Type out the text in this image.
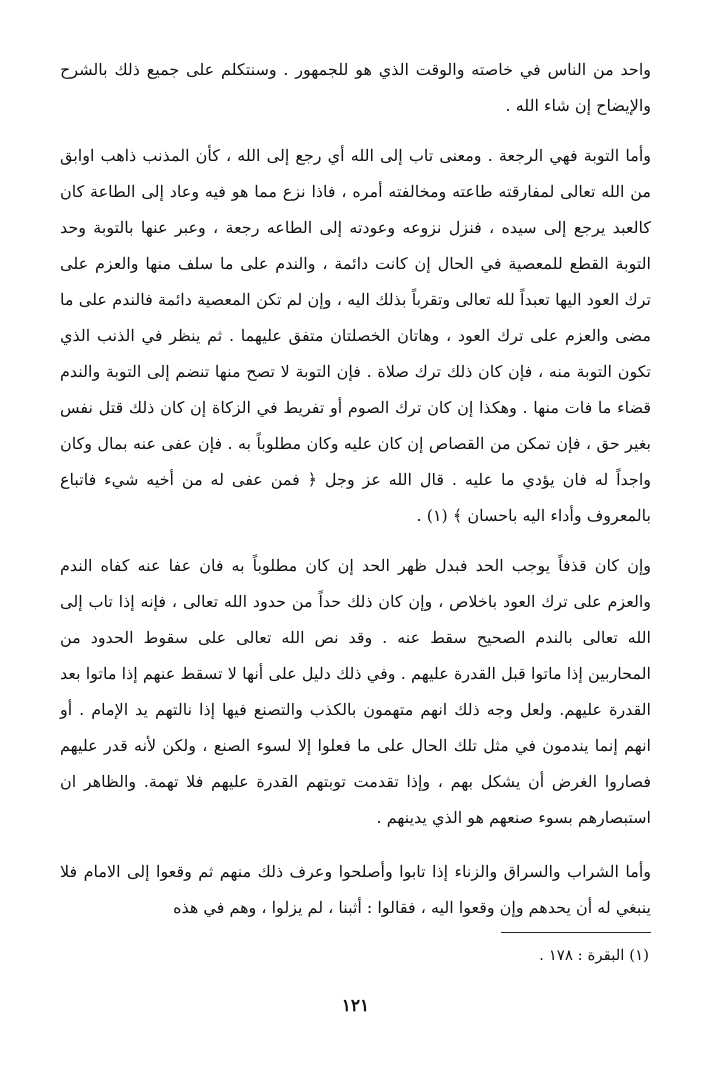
واحد من الناس في خاصته والوقت الذي هو للجمهور . وسنتكلم على جميع ذلك بالشرح والإيضاح إن شاء الله .

وأما التوبة فهي الرجعة . ومعنى تاب إلى الله أي رجع إلى الله ، كأن المذنب ذاهب اوابق من الله تعالى لمفارقته طاعته ومخالفته أمره ، فاذا نزع مما هو فيه وعاد إلى الطاعة كان كالعبد يرجع إلى سيده ، فنزل نزوعه وعودته إلى الطاعه رجعة ، وعبر عنها بالتوبة وحد التوبة القطع للمعصية في الحال إن كانت دائمة ، والندم على ما سلف منها والعزم على ترك العود اليها تعبداً لله تعالى وتقرباً بذلك اليه ، وإن لم تكن المعصية دائمة فالندم على ما مضى والعزم على ترك العود ، وهاتان الخصلتان متفق عليهما . ثم ينظر في الذنب الذي تكون التوبة منه ، فإن كان ذلك ترك صلاة . فإن التوبة لا تصح منها تنضم إلى التوبة والندم قضاء ما فات منها . وهكذا إن كان ترك الصوم أو تفريط في الزكاة إن كان ذلك قتل نفس بغير حق ، فإن تمكن من القصاص إن كان عليه وكان مطلوباً به . فإن عفى عنه بمال وكان واجداً له فان يؤدي ما عليه . قال الله عز وجل ﴿ فمن عفى له من أخيه شيء فاتباع بالمعروف وأداء اليه باحسان ﴾ (١) .

وإن كان قذفاً يوجب الحد فبدل ظهر الحد إن كان مطلوباً به فان عفا عنه كفاه الندم والعزم على ترك العود باخلاص ، وإن كان ذلك حداً من حدود الله تعالى ، فإنه إذا تاب إلى الله تعالى بالندم الصحيح سقط عنه . وقد نص الله تعالى على سقوط الحدود من المحاربين إذا ماتوا قبل القدرة عليهم . وفي ذلك دليل على أنها لا تسقط عنهم إذا ماتوا بعد القدرة عليهم. ولعل وجه ذلك انهم متهمون بالكذب والتصنع فيها إذا نالتهم يد الإمام . أو انهم إنما يندمون في مثل تلك الحال على ما فعلوا إلا لسوء الصنع ، ولكن لأنه قدر عليهم فصاروا الغرض أن يشكل بهم ، وإذا تقدمت توبتهم القدرة عليهم فلا تهمة. والظاهر ان استبصارهم بسوء صنعهم هو الذي يدينهم .

وأما الشراب والسراق والزناء إذا تابوا وأصلحوا وعرف ذلك منهم ثم وقعوا إلى الامام فلا ينبغي له أن يحدهم وإن وقعوا اليه ، فقالوا : أثبنا ، لم يزلوا ، وهم في هذه

(١) البقرة : ١٧٨ .
١٢١
